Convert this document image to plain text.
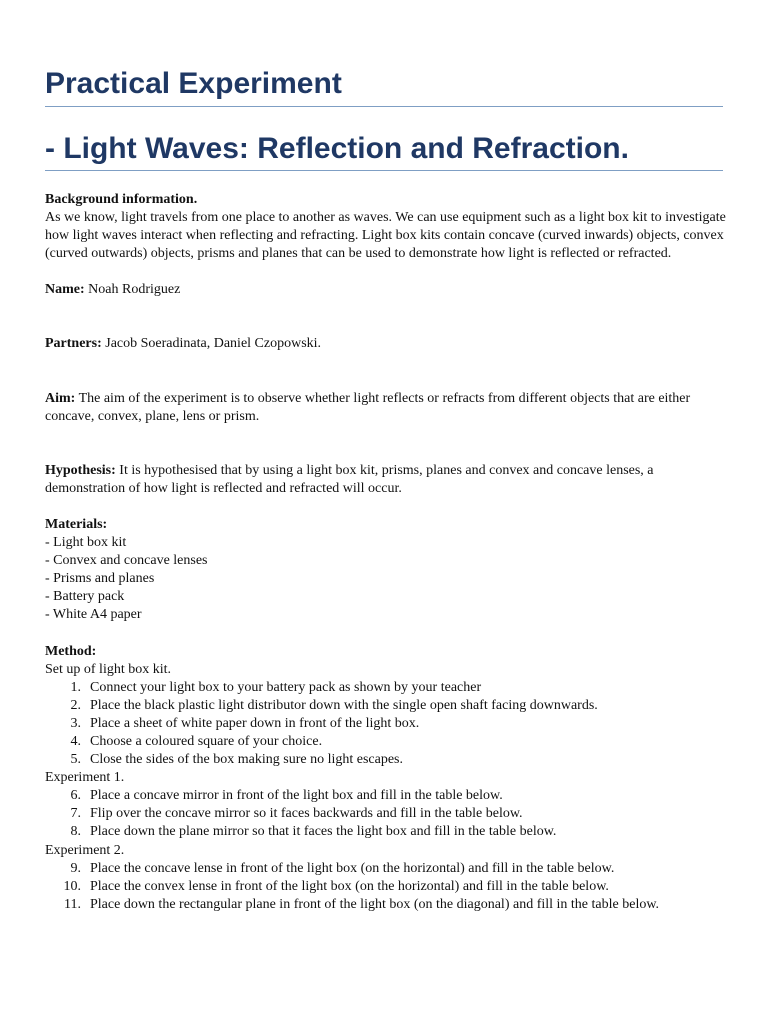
Practical Experiment
- Light Waves: Reflection and Refraction.

Background information.

As we know, light travels from one place to another as waves. We can use equipment such as a light box kit to investigate how light waves interact when reflecting and refracting. Light box kits contain concave (curved inwards) objects, convex (curved outwards) objects, prisms and planes that can be used to demonstrate how light is reflected or refracted.

Name: Noah Rodriguez

Partners: Jacob Soeradinata, Daniel Czopowski.

Aim: The aim of the experiment is to observe whether light reflects or refracts from different objects that are either concave, convex, plane, lens or prism.

Hypothesis: It is hypothesised that by using a light box kit, prisms, planes and convex and concave lenses, a demonstration of how light is reflected and refracted will occur.

Materials:

- Light box kit
- Convex and concave lenses
- Prisms and planes
- Battery pack
- White A4 paper

Method:

Set up of light box kit.

1. Connect your light box to your battery pack as shown by your teacher
2. Place the black plastic light distributor down with the single open shaft facing downwards.
3. Place a sheet of white paper down in front of the light box.
4. Choose a coloured square of your choice.
5. Close the sides of the box making sure no light escapes.

Experiment 1.

6. Place a concave mirror in front of the light box and fill in the table below.
7. Flip over the concave mirror so it faces backwards and fill in the table below.
8. Place down the plane mirror so that it faces the light box and fill in the table below.

Experiment 2.

9. Place the concave lense in front of the light box (on the horizontal) and fill in the table below.
10. Place the convex lense in front of the light box (on the horizontal) and fill in the table below.
11. Place down the rectangular plane in front of the light box (on the diagonal) and fill in the table below.
